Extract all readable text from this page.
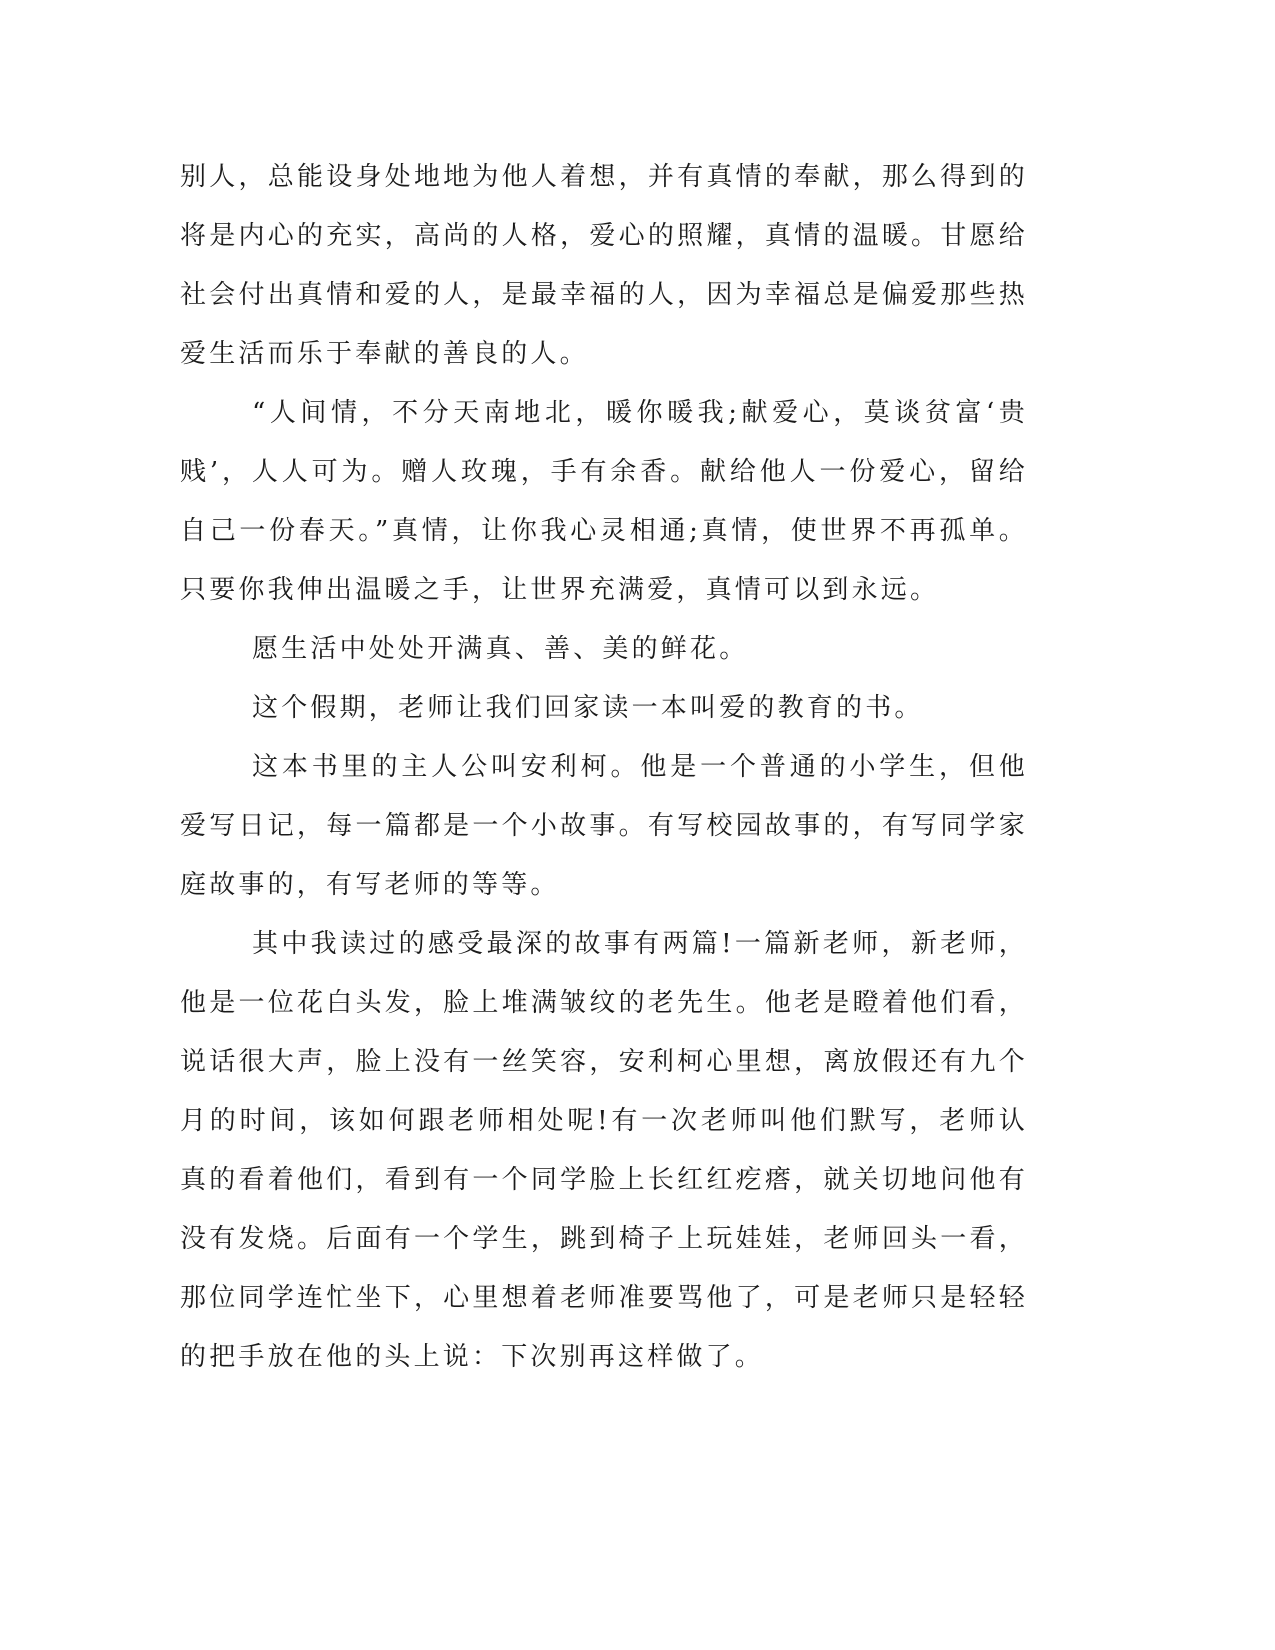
别人，总能设身处地地为他人着想，并有真情的奉献，那么得到的将是内心的充实，高尚的人格，爱心的照耀，真情的温暖。甘愿给社会付出真情和爱的人，是最幸福的人，因为幸福总是偏爱那些热爱生活而乐于奉献的善良的人。

“人间情，不分天南地北，暖你暖我;献爱心，莫谈贫富‘贵贱’，人人可为。赠人玫瑰，手有余香。献给他人一份爱心，留给自己一份春天。”真情，让你我心灵相通;真情，使世界不再孤单。只要你我伸出温暖之手，让世界充满爱，真情可以到永远。

愿生活中处处开满真、善、美的鲜花。

这个假期，老师让我们回家读一本叫爱的教育的书。

这本书里的主人公叫安利柯。他是一个普通的小学生，但他爱写日记，每一篇都是一个小故事。有写校园故事的，有写同学家庭故事的，有写老师的等等。

其中我读过的感受最深的故事有两篇!一篇新老师，新老师，他是一位花白头发，脸上堆满皱纹的老先生。他老是瞪着他们看，说话很大声，脸上没有一丝笑容，安利柯心里想，离放假还有九个月的时间，该如何跟老师相处呢!有一次老师叫他们默写，老师认真的看着他们，看到有一个同学脸上长红红疙瘩，就关切地问他有没有发烧。后面有一个学生，跳到椅子上玩娃娃，老师回头一看，那位同学连忙坐下，心里想着老师准要骂他了，可是老师只是轻轻的把手放在他的头上说：下次别再这样做了。
